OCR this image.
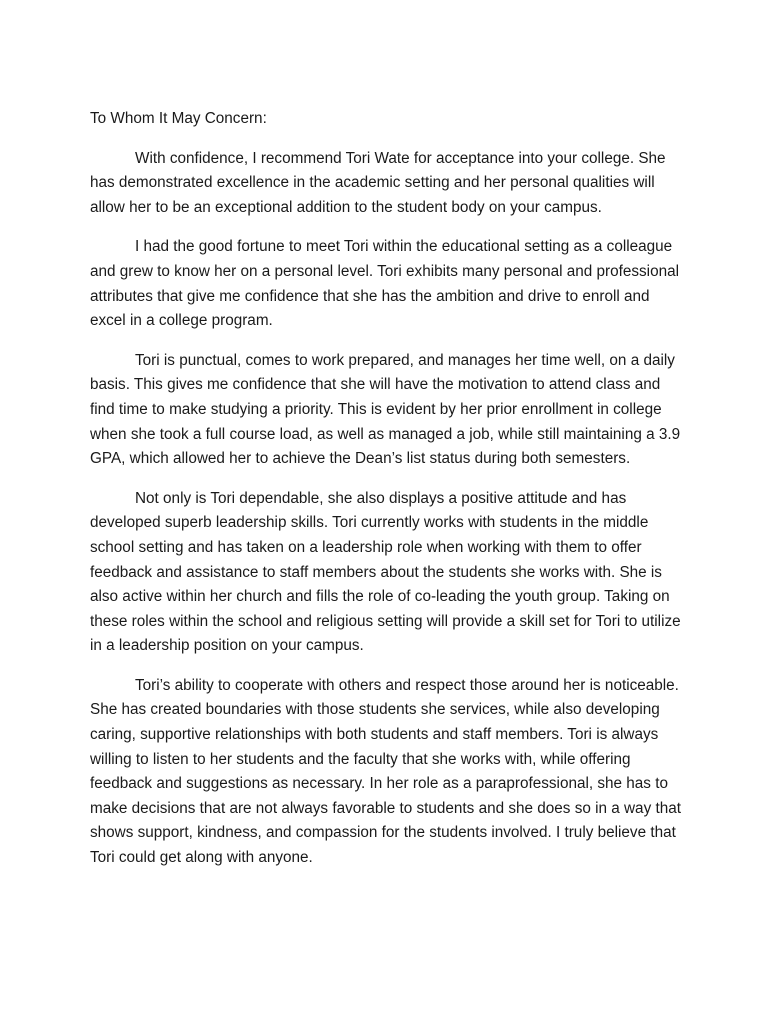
To Whom It May Concern:

With confidence, I recommend Tori Wate for acceptance into your college. She has demonstrated excellence in the academic setting and her personal qualities will allow her to be an exceptional addition to the student body on your campus.

I had the good fortune to meet Tori within the educational setting as a colleague and grew to know her on a personal level. Tori exhibits many personal and professional attributes that give me confidence that she has the ambition and drive to enroll and excel in a college program.

Tori is punctual, comes to work prepared, and manages her time well, on a daily basis. This gives me confidence that she will have the motivation to attend class and find time to make studying a priority. This is evident by her prior enrollment in college when she took a full course load, as well as managed a job, while still maintaining a 3.9 GPA, which allowed her to achieve the Dean’s list status during both semesters.

Not only is Tori dependable, she also displays a positive attitude and has developed superb leadership skills. Tori currently works with students in the middle school setting and has taken on a leadership role when working with them to offer feedback and assistance to staff members about the students she works with. She is also active within her church and fills the role of co-leading the youth group. Taking on these roles within the school and religious setting will provide a skill set for Tori to utilize in a leadership position on your campus.

Tori’s ability to cooperate with others and respect those around her is noticeable. She has created boundaries with those students she services, while also developing caring, supportive relationships with both students and staff members. Tori is always willing to listen to her students and the faculty that she works with, while offering feedback and suggestions as necessary. In her role as a paraprofessional, she has to make decisions that are not always favorable to students and she does so in a way that shows support, kindness, and compassion for the students involved. I truly believe that Tori could get along with anyone.
